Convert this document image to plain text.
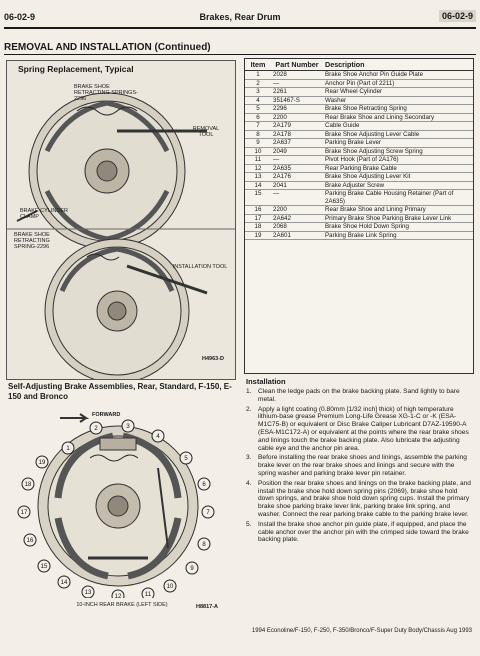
06-02-9	Brakes, Rear Drum	06-02-9
REMOVAL AND INSTALLATION (Continued)
Spring Replacement, Typical
BRAKE SHOE RETRACTING SPRINGS-2296
REMOVAL TOOL
BRAKE CYLINDER CLAMP
BRAKE SHOE RETRACTING SPRING-2296
INSTALLATION TOOL
H4963-D
Self-Adjusting Brake Assemblies, Rear, Standard, F-150, E-150 and Bronco
1
2	3
4
5
6
7
8
9
10
11
12
13
14
15
16
17
18
19
FORWARD
10-INCH REAR BRAKE (LEFT SIDE)	H8817-A
Item	Part Number	Description
1	2028	Brake Shoe Anchor Pin Guide Plate
2	—	Anchor Pin (Part of 2211)
3	2261	Rear Wheel Cylinder
4	351467-S	Washer
5	2296	Brake Shoe Retracting Spring
6	2200	Rear Brake Shoe and Lining Secondary
7	2A179	Cable Guide
8	2A178	Brake Shoe Adjusting Lever Cable
9	2A637	Parking Brake Lever
10	2049	Brake Shoe Adjusting Screw Spring
11	—	Pivot Hook (Part of 2A176)
12	2A635	Rear Parking Brake Cable
13	2A176	Brake Shoe Adjusting Lever Kit
14	2041	Brake Adjuster Screw
15	—	Parking Brake Cable Housing Retainer (Part of 2A635)
16	2200	Rear Brake Shoe and Lining Primary
17	2A642	Primary Brake Shoe Parking Brake Lever Link
18	2068	Brake Shoe Hold Down Spring
19	2A601	Parking Brake Link Spring
Installation
1. Clean the ledge pads on the brake backing plate. Sand lightly to bare metal.
2. Apply a light coating (0.80mm [1/32 inch] thick) of high temperature lithium-base grease Premium Long-Life Grease XG-1-C or -K (ESA-M1C75-B) or equivalent or Disc Brake Caliper Lubricant D7AZ-19590-A (ESA-M1C172-A) or equivalent at the points where the rear brake shoes and linings touch the brake backing plate. Also lubricate the adjusting cable eye and the anchor pin area.
3. Before installing the rear brake shoes and linings, assemble the parking brake lever on the rear brake shoes and linings and secure with the spring washer and parking brake lever pin retainer.
4. Position the rear brake shoes and linings on the brake backing plate, and install the brake shoe hold down spring pins (2069), brake shoe hold down springs, and brake shoe hold down spring cups. Install the primary brake shoe parking brake lever link, parking brake link spring, and washer. Connect the rear parking brake cable to the parking brake lever.
5. Install the brake shoe anchor pin guide plate, if equipped, and place the cable anchor over the anchor pin with the crimped side toward the brake backing plate.
1994 Econoline/F-150, F-250, F-350/Bronco/F-Super Duty Body/Chassis Aug 1993
